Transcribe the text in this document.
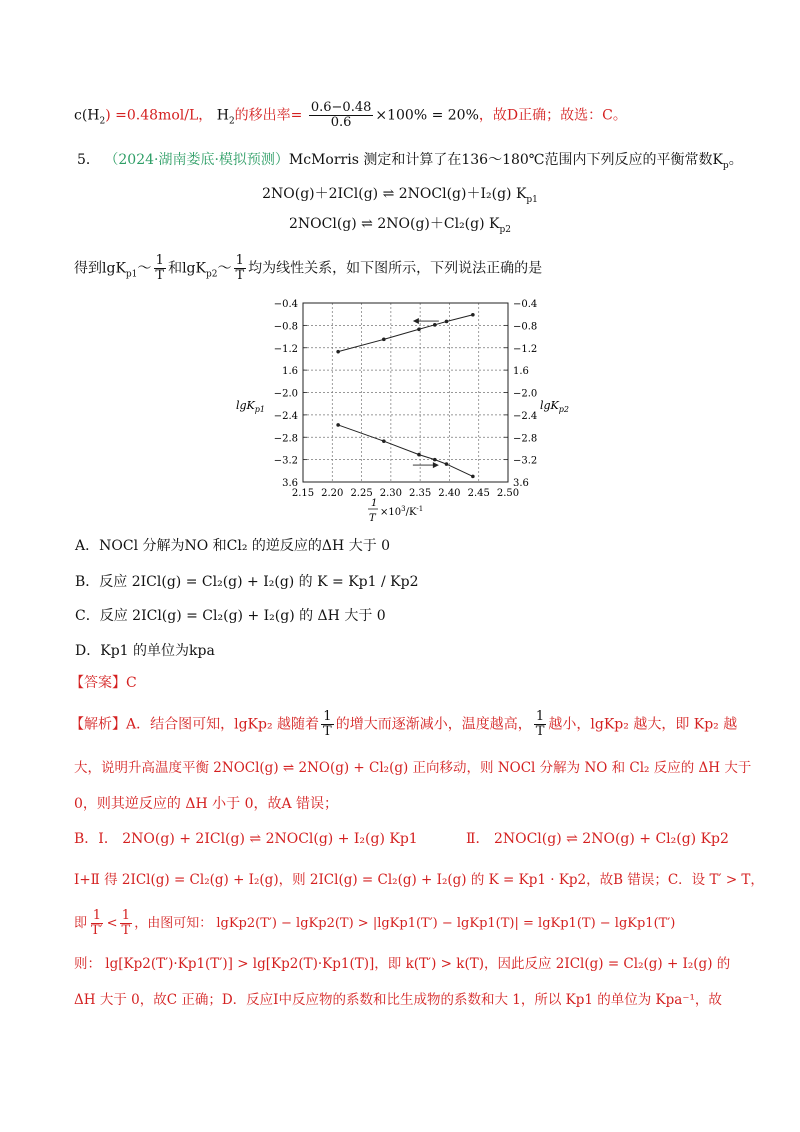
$c(H_2) =0.48mol/L$， $H_2$的移出率= $\frac{0.6-0.48}{0.6} \times 100\% = 20\%$，故D正确；故选：C。
5． （2024·湖南娄底·模拟预测）McMorris 测定和计算了在136～180℃范围内下列反应的平衡常数$K_p$。
2NO(g)＋2ICl(g) ⇌ 2NOCl(g)＋I₂(g) $K_{p1}$
2NOCl(g) ⇌ 2NO(g)＋Cl₂(g) $K_{p2}$
得到lgK$_{p1}$～ $\frac{1}{T}$ 和lgK$_{p2}$～ $\frac{1}{T}$ 均为线性关系，如下图所示，下列说法正确的是
2.15 2.20 2.25 2.30 2.35 2.40 2.45 2.50
−0.4
−0.8
−1.2
1.6
−2.0
−2.4
−2.8
−3.2
3.6
−0.4
−0.8
−1.2
1.6
−2.0
−2.4
−2.8
−3.2
3.6
lgK$_{p1}$	lgK$_{p2}$
1
T
$\times 10^3/K^{-1}$
A．NOCl 分解为NO 和Cl₂ 的逆反应的ΔH 大于 0
B．反应 2ICl(g) = Cl₂(g) + I₂(g) 的 K = Kp1 / Kp2
C．反应 2ICl(g) = Cl₂(g) + I₂(g) 的 ΔH 大于 0
D．Kp1 的单位为kpa
【答案】C
【解析】A．结合图可知，lgKp₂ 越随着 $\frac{1}{T}$ 的增大而逐渐减小，温度越高， $\frac{1}{T}$ 越小，lgKp₂ 越大，即 Kp₂ 越
大，说明升高温度平衡 2NOCl(g) ⇌ 2NO(g) + Cl₂(g) 正向移动，则 NOCl 分解为 NO 和 Cl₂ 反应的 ΔH 大于
0，则其逆反应的 ΔH 小于 0，故A 错误；
B．Ⅰ． 2NO(g) + 2ICl(g) ⇌ 2NOCl(g) + I₂(g) Kp1	Ⅱ． 2NOCl(g) ⇌ 2NO(g) + Cl₂(g) Kp2
Ⅰ+Ⅱ 得 2ICl(g) = Cl₂(g) + I₂(g)，则 2ICl(g) = Cl₂(g) + I₂(g) 的 K = Kp1 · Kp2，故B 错误；C．设 T′ > T，
即 $\frac{1}{T'} < \frac{1}{T}$ ，由图可知： lgKp2(T′) − lgKp2(T) > |lgKp1(T′) − lgKp1(T)| = lgKp1(T) − lgKp1(T′)
则： lg[Kp2(T′)·Kp1(T′)] > lg[Kp2(T)·Kp1(T)]，即 k(T′) > k(T)，因此反应 2ICl(g) = Cl₂(g) + I₂(g) 的
ΔH 大于 0，故C 正确；D．反应Ⅰ中反应物的系数和比生成物的系数和大 1，所以 Kp1 的单位为 Kpa⁻¹，故
